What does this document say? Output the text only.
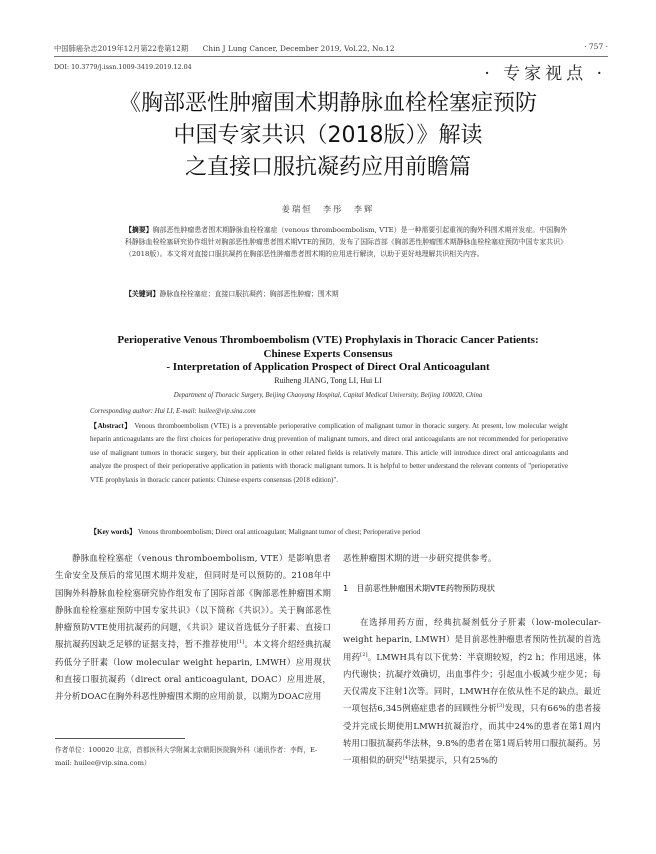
中国肺癌杂志2019年12月第22卷第12期　　 Chin J Lung Cancer, December 2019, Vol.22, No.12	· 757 ·
DOI: 10.3779/j.issn.1009-3419.2019.12.04	· 专家视点 ·
《胸部恶性肿瘤围术期静脉血栓栓塞症预防
中国专家共识（2018版）》解读
之直接口服抗凝药应用前瞻篇
姜瑞恒　李彤　李辉
【摘要】胸部恶性肿瘤患者围术期静脉血栓栓塞症（venous thromboembolism, VTE）是一种需要引起重视的胸外科围术期并发症。中国胸外科静脉血栓栓塞研究协作组针对胸部恶性肿瘤患者围术期VTE的预防，发布了国际首部《胸部恶性肿瘤围术期静脉血栓栓塞症预防中国专家共识》（2018版）。本文将对直接口服抗凝药在胸部恶性肿瘤患者围术期的应用进行解读，以助于更好地理解共识相关内容。
【关键词】静脉血栓栓塞症；直接口服抗凝药；胸部恶性肿瘤；围术期
Perioperative Venous Thromboembolism (VTE) Prophylaxis in Thoracic Cancer Patients:
Chinese Experts Consensus
- Interpretation of Application Prospect of Direct Oral Anticoagulant
Ruiheng JIANG, Tong LI, Hui LI
Department of Thoracic Surgery, Beijing Chaoyang Hospital, Capital Medical University, Beijing 100020, China
Corresponding author: Hui LI, E-mail: huilee@vip.sina.com
【Abstract】 Venous thromboembolism (VTE) is a preventable perioperative complication of malignant tumor in thoracic surgery. At present, low molecular weight heparin anticoagulants are the first choices for perioperative drug prevention of malignant tumors, and direct oral anticoagulants are not recommended for perioperative use of malignant tumors in thoracic surgery, but their application in other related fields is relatively mature. This article will introduce direct oral anticoagulants and analyze the prospect of their perioperative application in patients with thoracic malignant tumors. It is helpful to better understand the relevant contents of "perioperative VTE prophylaxis in thoracic cancer patients: Chinese experts consensus (2018 edition)".
【Key words】 Venous thromboembolism; Direct oral anticoagulant; Malignant tumor of chest; Perioperative period
静脉血栓栓塞症（venous thromboembolism, VTE）是影响患者生命安全及预后的常见围术期并发症，但同时是可以预防的。2108年中国胸外科静脉血栓栓塞研究协作组发布了国际首部《胸部恶性肿瘤围术期静脉血栓栓塞症预防中国专家共识》（以下简称《共识》）。关于胸部恶性肿瘤预防VTE使用抗凝药的问题，《共识》建议首选低分子肝素、直接口服抗凝药因缺乏足够的证据支持，暂不推荐使用[1]。本文将介绍经典抗凝药低分子肝素（low molecular weight heparin, LMWH）应用现状和直接口服抗凝药（direct oral anticoagulant, DOAC）应用进展，并分析DOAC在胸外科恶性肿瘤围术期的应用前景，以期为DOAC应用
恶性肿瘤围术期的进一步研究提供参考。
1　目前恶性肿瘤围术期VTE药物预防现状
在选择用药方面，经典抗凝剂低分子肝素（low-molecular-weight heparin, LMWH）是目前恶性肿瘤患者预防性抗凝的首选用药[2]。LMWH具有以下优势：半衰期较短，约2 h；作用迅速，体内代谢快；抗凝疗效确切，出血事件少；引起血小板减少症少见；每天仅需皮下注射1次等。同时，LMWH存在依从性不足的缺点。最近一项包括6,345例癌症患者的回顾性分析[3]发现，只有66%的患者接受并完成长期使用LMWH抗凝治疗，而其中24%的患者在第1周内转用口服抗凝药华法林，9.8%的患者在第1周后转用口服抗凝药。另一项相似的研究[4]结果提示，只有25%的
作者单位：100020 北京，首都医科大学附属北京朝阳医院胸外科（通讯作者：李辉，E-mail: huilee@vip.sina.com）
